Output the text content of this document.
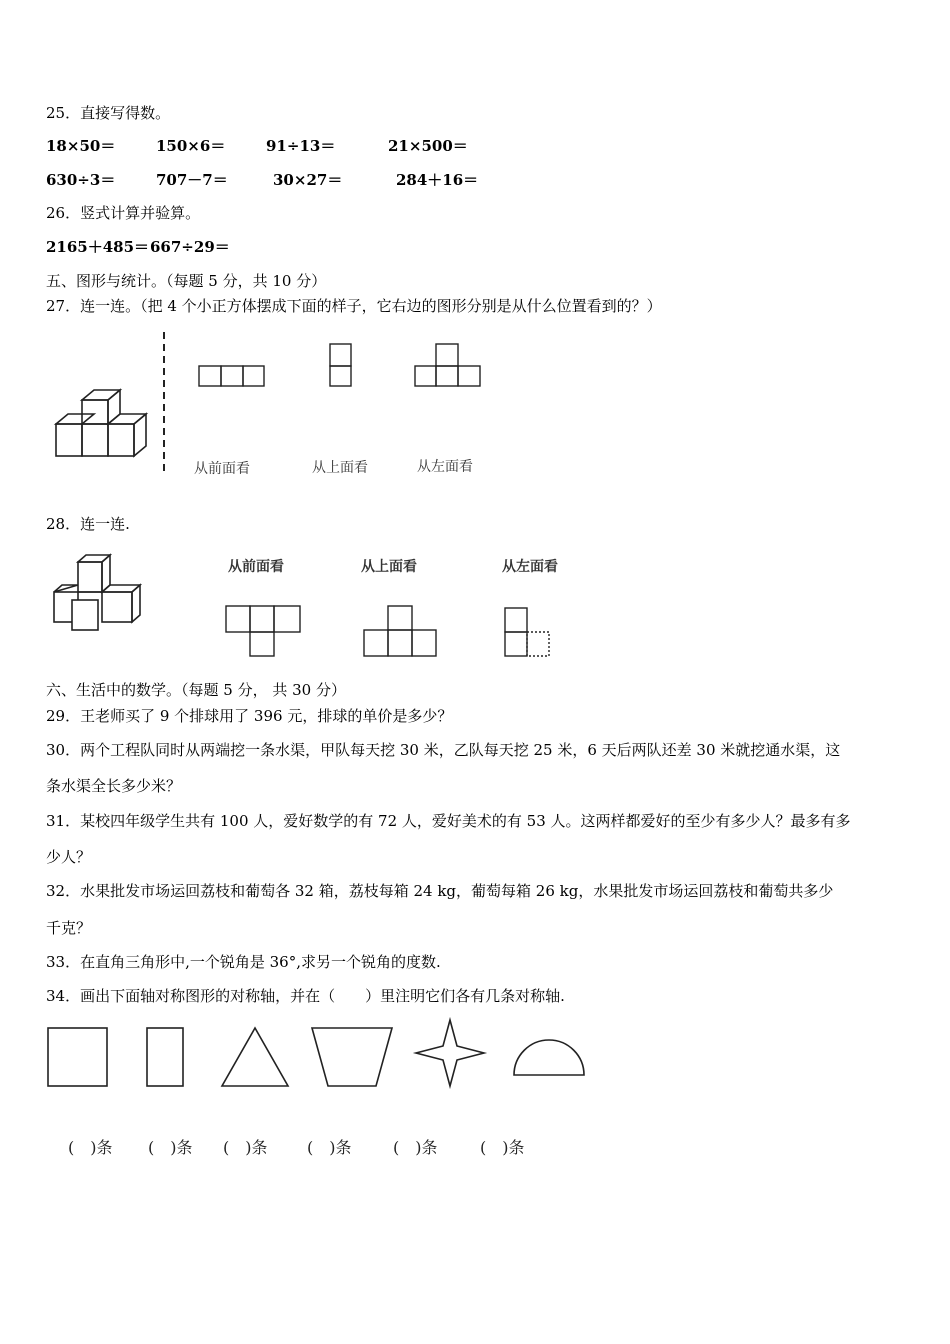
25．直接写得数。
18×50＝	150×6＝	91÷13＝	21×500＝
630÷3＝	707－7＝	30×27＝	284＋16＝
26．竖式计算并验算。
2165＋485＝ 667÷29＝
五、图形与统计。（每题 5 分，共 10 分）
27．连一连。（把 4 个小正方体摆成下面的样子，它右边的图形分别是从什么位置看到的？）
从前面看	从上面看	从左面看
28．连一连.
从前面看	从上面看	从左面看
六、生活中的数学。（每题 5 分， 共 30 分）
29．王老师买了 9 个排球用了 396 元，排球的单价是多少？
30．两个工程队同时从两端挖一条水渠，甲队每天挖 30 米，乙队每天挖 25 米，6 天后两队还差 30 米就挖通水渠，这
条水渠全长多少米？
31．某校四年级学生共有 100 人，爱好数学的有 72 人，爱好美术的有 53 人。这两样都爱好的至少有多少人？最多有多
少人？
32．水果批发市场运回荔枝和葡萄各 32 箱，荔枝每箱 24 kg，葡萄每箱 26 kg，水果批发市场运回荔枝和葡萄共多少
千克？
33．在直角三角形中,一个锐角是 36°,求另一个锐角的度数.
34．画出下面轴对称图形的对称轴，并在（　　）里注明它们各有几条对称轴.
(　)条 (　)条 (　)条 (　)条	(　)条	(　)条
